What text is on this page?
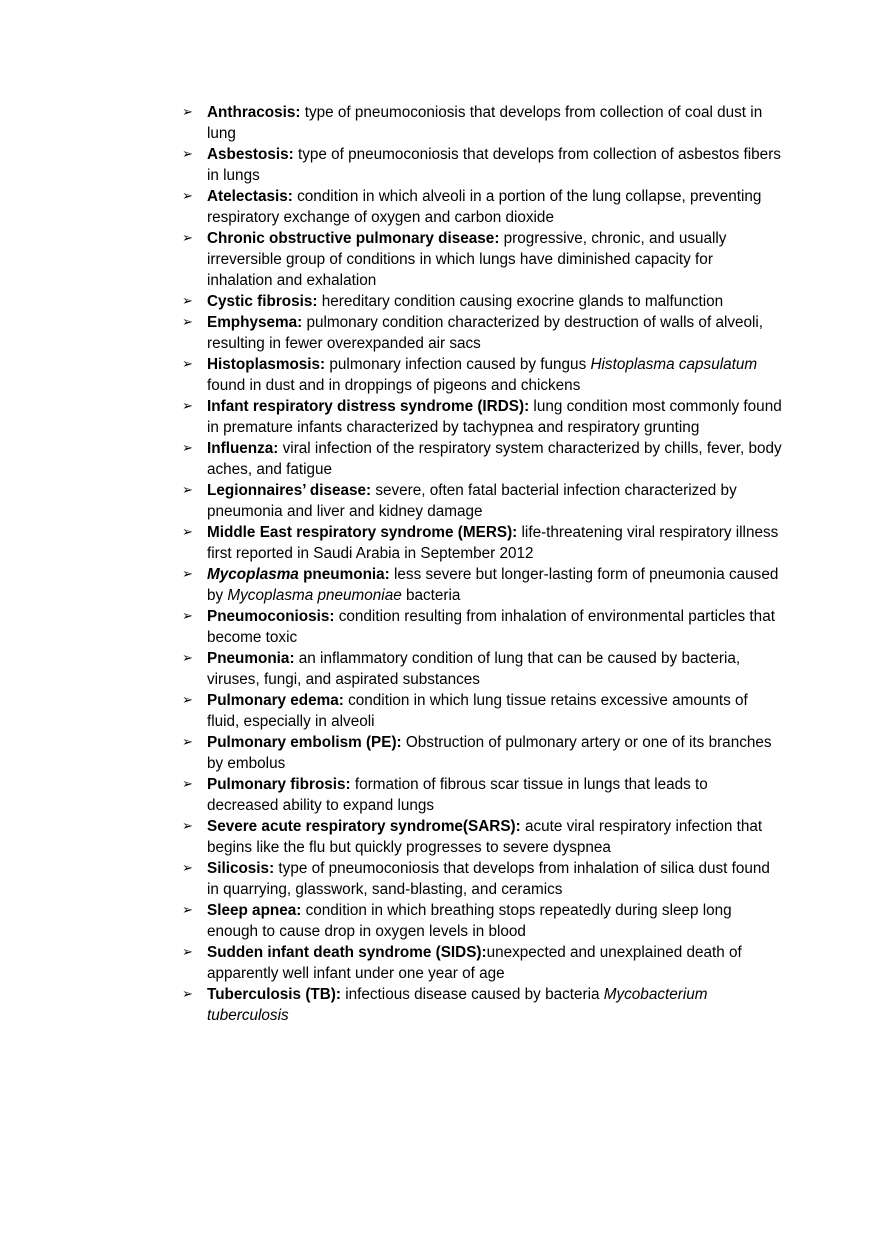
➢ Anthracosis: type of pneumoconiosis that develops from collection of coal dust in lung
➢ Asbestosis: type of pneumoconiosis that develops from collection of asbestos fibers in lungs
➢ Atelectasis: condition in which alveoli in a portion of the lung collapse, preventing respiratory exchange of oxygen and carbon dioxide
➢ Chronic obstructive pulmonary disease: progressive, chronic, and usually irreversible group of conditions in which lungs have diminished capacity for inhalation and exhalation
➢ Cystic fibrosis: hereditary condition causing exocrine glands to malfunction
➢ Emphysema: pulmonary condition characterized by destruction of walls of alveoli, resulting in fewer overexpanded air sacs
➢ Histoplasmosis: pulmonary infection caused by fungus Histoplasma capsulatum found in dust and in droppings of pigeons and chickens
➢ Infant respiratory distress syndrome (IRDS): lung condition most commonly found in premature infants characterized by tachypnea and respiratory grunting
➢ Influenza: viral infection of the respiratory system characterized by chills, fever, body aches, and fatigue
➢ Legionnaires’ disease: severe, often fatal bacterial infection characterized by pneumonia and liver and kidney damage
➢ Middle East respiratory syndrome (MERS): life-threatening viral respiratory illness first reported in Saudi Arabia in September 2012
➢ Mycoplasma pneumonia: less severe but longer-lasting form of pneumonia caused by Mycoplasma pneumoniae bacteria
➢ Pneumoconiosis: condition resulting from inhalation of environmental particles that become toxic
➢ Pneumonia: an inflammatory condition of lung that can be caused by bacteria, viruses, fungi, and aspirated substances
➢ Pulmonary edema: condition in which lung tissue retains excessive amounts of fluid, especially in alveoli
➢ Pulmonary embolism (PE): Obstruction of pulmonary artery or one of its branches by embolus
➢ Pulmonary fibrosis: formation of fibrous scar tissue in lungs that leads to decreased ability to expand lungs
➢ Severe acute respiratory syndrome(SARS): acute viral respiratory infection that begins like the flu but quickly progresses to severe dyspnea
➢ Silicosis: type of pneumoconiosis that develops from inhalation of silica dust found in quarrying, glasswork, sand-blasting, and ceramics
➢ Sleep apnea: condition in which breathing stops repeatedly during sleep long enough to cause drop in oxygen levels in blood
➢ Sudden infant death syndrome (SIDS):unexpected and unexplained death of apparently well infant under one year of age
➢ Tuberculosis (TB): infectious disease caused by bacteria Mycobacterium tuberculosis
